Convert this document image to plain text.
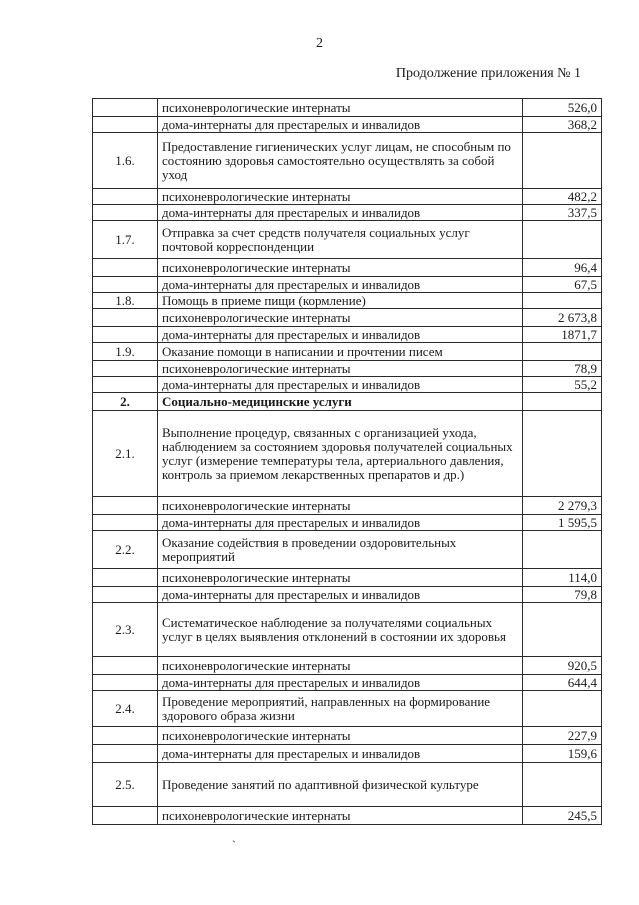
2
Продолжение приложения № 1
	психоневрологические интернаты	526,0
	дома-интернаты для престарелых и инвалидов	368,2
1.6.	Предоставление гигиенических услуг лицам, не способным по состоянию здоровья самостоятельно осуществлять за собой уход	
	психоневрологические интернаты	482,2
	дома-интернаты для престарелых и инвалидов	337,5
1.7.	Отправка за счет средств получателя социальных услуг почтовой корреспонденции	
	психоневрологические интернаты	96,4
	дома-интернаты для престарелых и инвалидов	67,5
1.8.	Помощь в приеме пищи (кормление)	
	психоневрологические интернаты	2 673,8
	дома-интернаты для престарелых и инвалидов	1871,7
1.9.	Оказание помощи в написании и прочтении писем	
	психоневрологические интернаты	78,9
	дома-интернаты для престарелых и инвалидов	55,2
2.	Социально-медицинские услуги	
2.1.	Выполнение процедур, связанных с организацией ухода, наблюдением за состоянием здоровья получателей социальных услуг (измерение температуры тела, артериального давления, контроль за приемом лекарственных препаратов и др.)	
	психоневрологические интернаты	2 279,3
	дома-интернаты для престарелых и инвалидов	1 595,5
2.2.	Оказание содействия в проведении оздоровительных мероприятий	
	психоневрологические интернаты	114,0
	дома-интернаты для престарелых и инвалидов	79,8
2.3.	Систематическое наблюдение за получателями социальных услуг в целях выявления отклонений в состоянии их здоровья	
	психоневрологические интернаты	920,5
	дома-интернаты для престарелых и инвалидов	644,4
2.4.	Проведение мероприятий, направленных на формирование здорового образа жизни	
	психоневрологические интернаты	227,9
	дома-интернаты для престарелых и инвалидов	159,6
2.5.	Проведение занятий по адаптивной физической культуре	
	психоневрологические интернаты	245,5
`
